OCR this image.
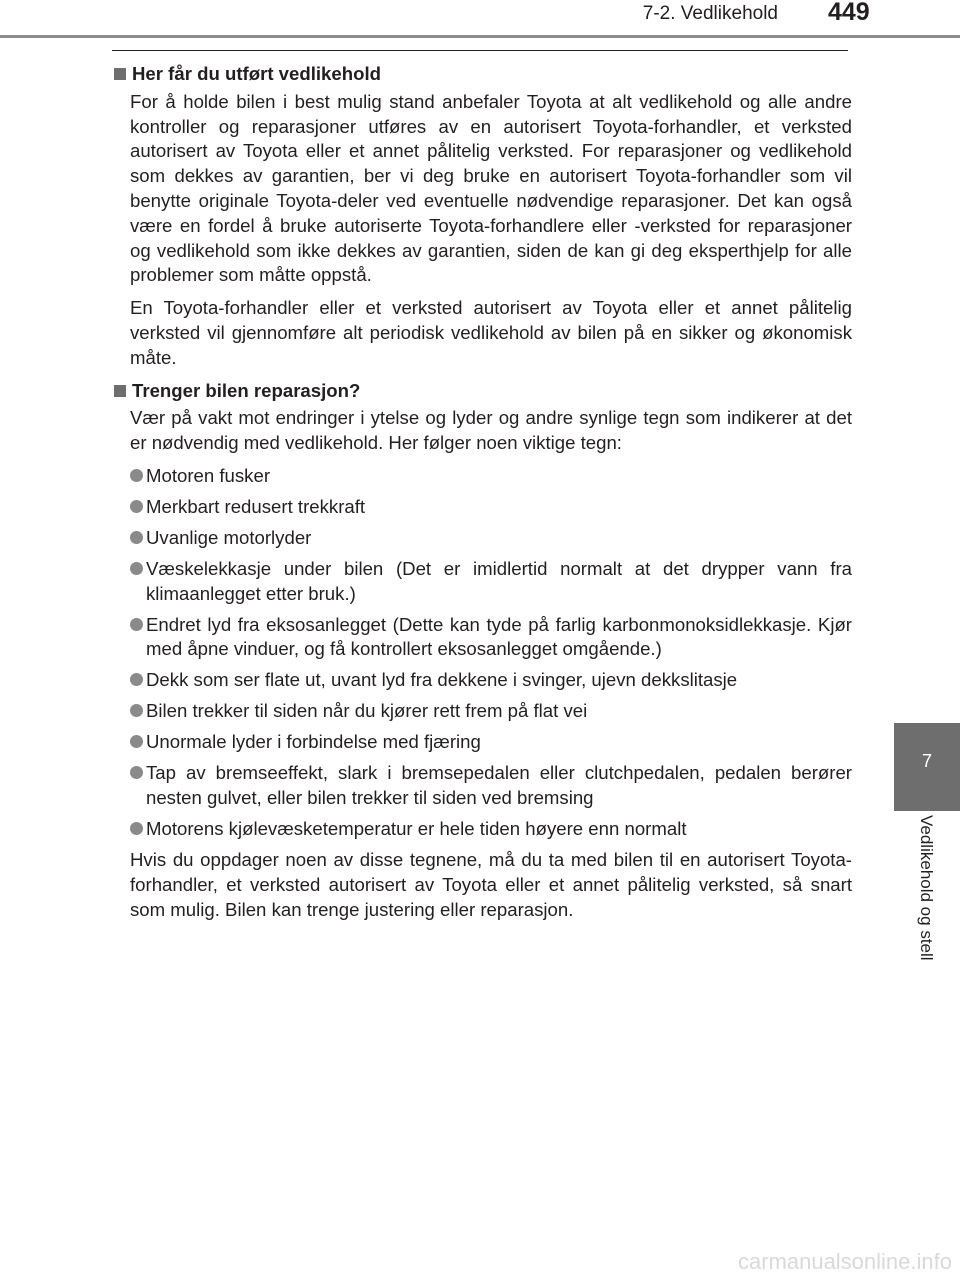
7-2. Vedlikehold 449
7
Vedlikehold og stell
Her får du utført vedlikehold

For å holde bilen i best mulig stand anbefaler Toyota at alt vedlikehold og alle andre kontroller og reparasjoner utføres av en autorisert Toyota-forhandler, et verksted autorisert av Toyota eller et annet pålitelig verksted. For reparasjoner og vedlikehold som dekkes av garantien, ber vi deg bruke en autorisert Toyota-forhandler som vil benytte originale Toyota-deler ved eventuelle nødvendige reparasjoner. Det kan også være en fordel å bruke autoriserte Toyota-forhandlere eller -verksted for reparasjoner og vedlikehold som ikke dekkes av garantien, siden de kan gi deg eksperthjelp for alle problemer som måtte oppstå.

En Toyota-forhandler eller et verksted autorisert av Toyota eller et annet pålitelig verksted vil gjennomføre alt periodisk vedlikehold av bilen på en sikker og økonomisk måte.

Trenger bilen reparasjon?

Vær på vakt mot endringer i ytelse og lyder og andre synlige tegn som indikerer at det er nødvendig med vedlikehold. Her følger noen viktige tegn:

Motoren fusker
Merkbart redusert trekkraft
Uvanlige motorlyder
Væskelekkasje under bilen (Det er imidlertid normalt at det drypper vann fra klimaanlegget etter bruk.)
Endret lyd fra eksosanlegget (Dette kan tyde på farlig karbonmonoksidlekkasje. Kjør med åpne vinduer, og få kontrollert eksosanlegget omgående.)
Dekk som ser flate ut, uvant lyd fra dekkene i svinger, ujevn dekkslitasje
Bilen trekker til siden når du kjører rett frem på flat vei
Unormale lyder i forbindelse med fjæring
Tap av bremseeffekt, slark i bremsepedalen eller clutchpedalen, pedalen berører nesten gulvet, eller bilen trekker til siden ved bremsing
Motorens kjølevæsketemperatur er hele tiden høyere enn normalt

Hvis du oppdager noen av disse tegnene, må du ta med bilen til en autorisert Toyota-forhandler, et verksted autorisert av Toyota eller et annet pålitelig verksted, så snart som mulig. Bilen kan trenge justering eller reparasjon.

carmanualsonline.info
